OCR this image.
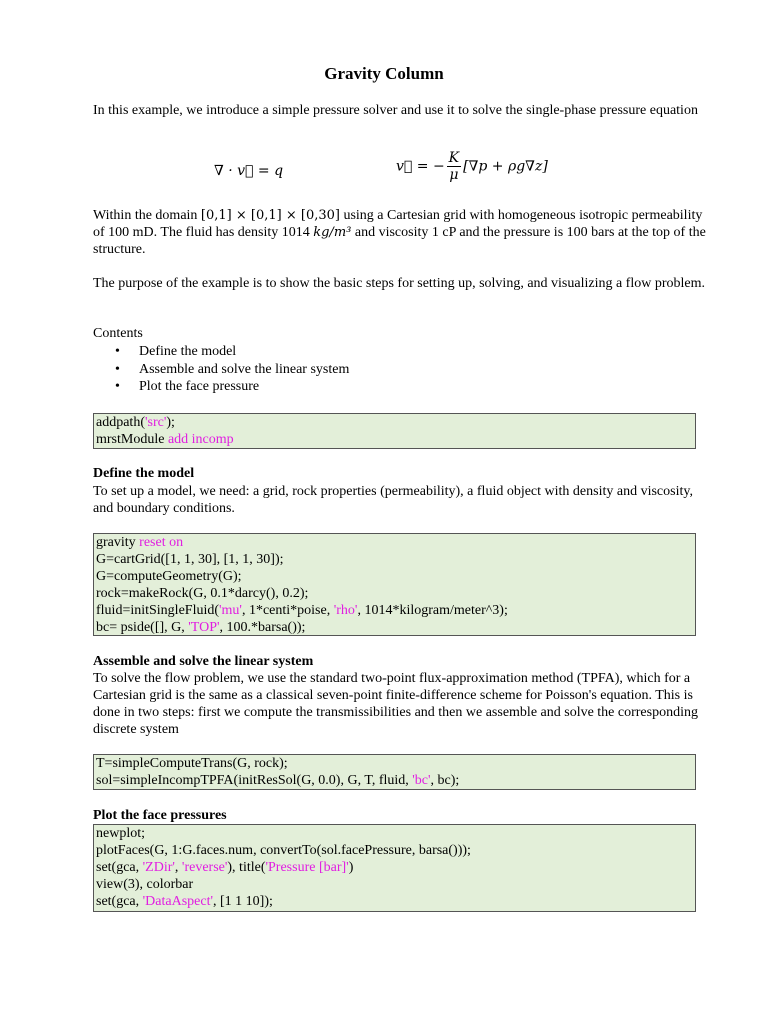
Gravity Column
In this example, we introduce a simple pressure solver and use it to solve the single-phase pressure equation
∇ · v⃗ = q	v⃗ = − $\frac{K}{\mu} [\nabla p + \rho g\nabla z]$
Within the domain [0,1] × [0,1] × [0,30] using a Cartesian grid with homogeneous isotropic permeability of 100 mD. The fluid has density 1014 kg/m³ and viscosity 1 cP and the pressure is 100 bars at the top of the structure.
The purpose of the example is to show the basic steps for setting up, solving, and visualizing a flow problem.
Contents
• Define the model
• Assemble and solve the linear system
• Plot the face pressure
addpath('src');
mrstModule add incomp
Define the model
To set up a model, we need: a grid, rock properties (permeability), a fluid object with density and viscosity, and boundary conditions.
gravity reset on
G=cartGrid([1, 1, 30], [1, 1, 30]);
G=computeGeometry(G);
rock=makeRock(G, 0.1*darcy(), 0.2);
fluid=initSingleFluid('mu', 1*centi*poise, 'rho', 1014*kilogram/meter^3);
bc= pside([], G, 'TOP', 100.*barsa());
Assemble and solve the linear system
To solve the flow problem, we use the standard two-point flux-approximation method (TPFA), which for a Cartesian grid is the same as a classical seven-point finite-difference scheme for Poisson's equation. This is done in two steps: first we compute the transmissibilities and then we assemble and solve the corresponding discrete system
T=simpleComputeTrans(G, rock);
sol=simpleIncompTPFA(initResSol(G, 0.0), G, T, fluid, 'bc', bc);
Plot the face pressures
newplot;
plotFaces(G, 1:G.faces.num, convertTo(sol.facePressure, barsa()));
set(gca, 'ZDir', 'reverse'), title('Pressure [bar]')
view(3), colorbar
set(gca, 'DataAspect', [1 1 10]);
